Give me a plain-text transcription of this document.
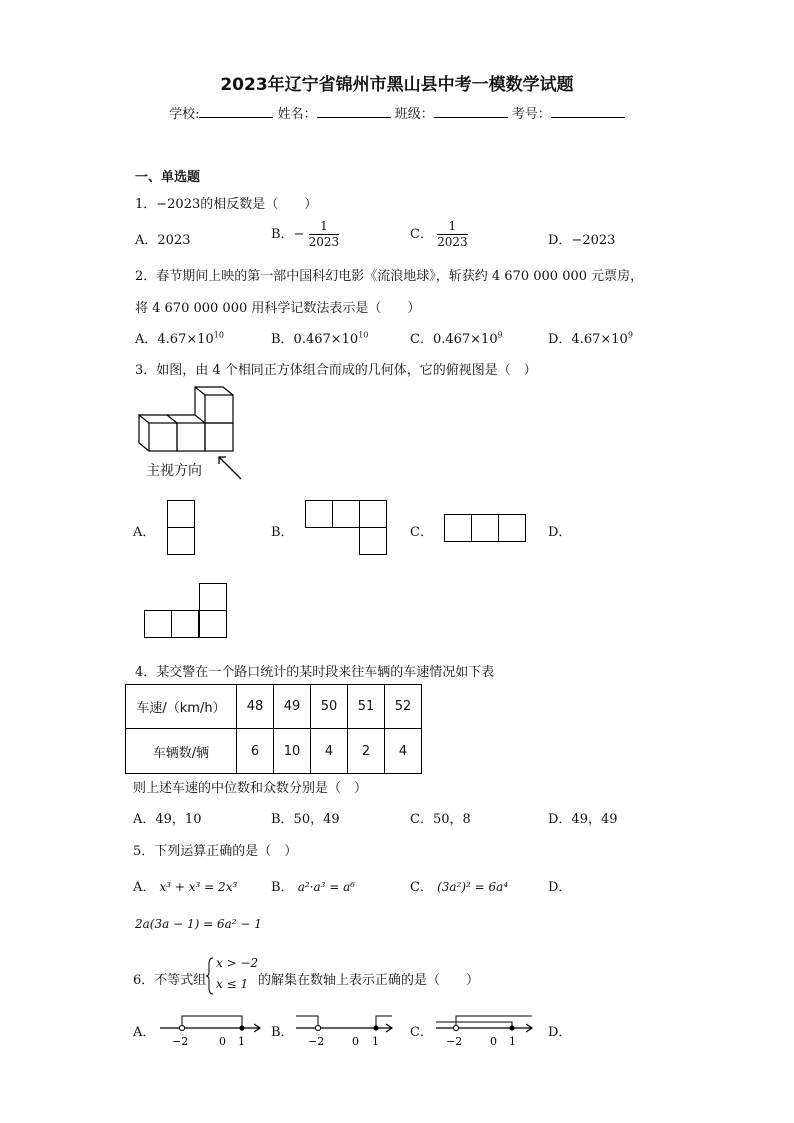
2023年辽宁省锦州市黑山县中考一模数学试题
学校:	姓名：	班级：	考号：
一、单选题
1．−2023的相反数是（　　）
A．2023	B．− $\frac{1}{2023}$	C． $\frac{1}{2023}$	D．−2023
2．春节期间上映的第一部中国科幻电影《流浪地球》，斩获约 4 670 000 000 元票房，
将 4 670 000 000 用科学记数法表示是（　　）
A．$4.67\times 10^{10}$	B．$0.467\times 10^{10}$	C．$0.467\times 10^9$	D．$4.67\times 10^9$
3．如图，由 4 个相同正方体组合而成的几何体，它的俯视图是（　）
主视方向
A．	B．	C．	D．
4．某交警在一个路口统计的某时段来往车辆的车速情况如下表
车速/（km/h）	48	49	50	51	52
车辆数/辆	6	10	4	2	4
则上述车速的中位数和众数分别是（　）
A．49，10	B．50，49	C．50，8	D．49，49
5．下列运算正确的是（　）
A． x³ + x³ = 2x³	B． a²·a³ = a⁶	C． (3a²)² = 6a⁴	D．
2a(3a − 1) = 6a² − 1
6．不等式组
x > −2
x ≤ 1 的解集在数轴上表示正确的是（　　）
A．
−2	0 1
B．
−2	0 1
C．
−2	0 1
D．
